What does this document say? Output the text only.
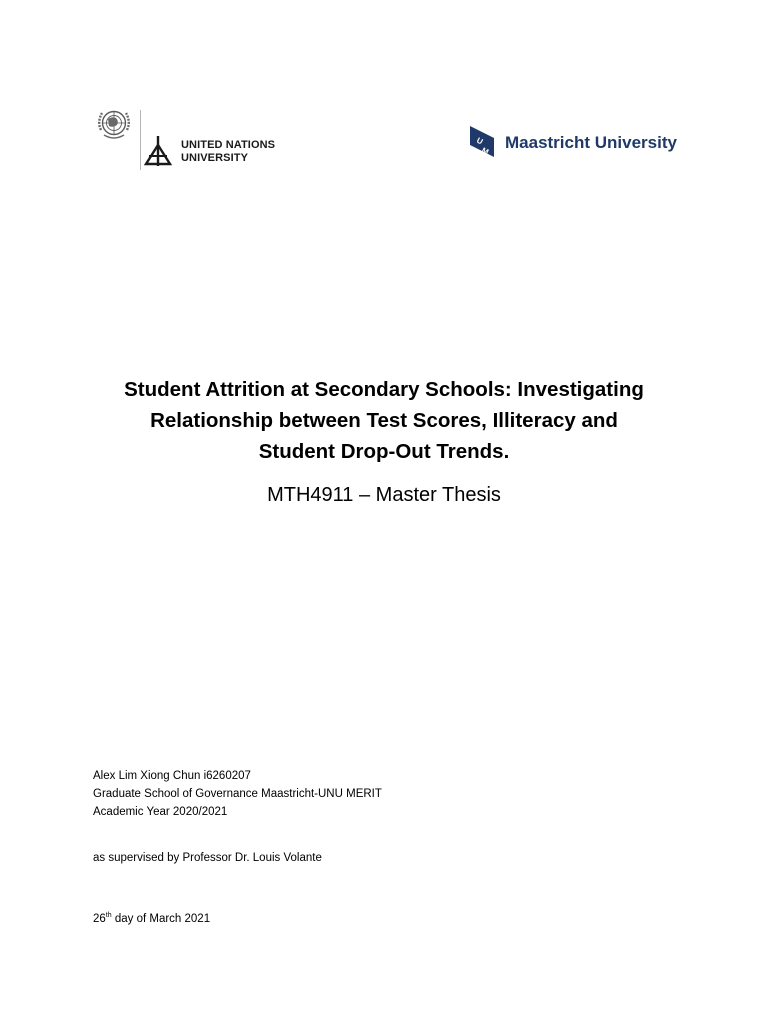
UNITED NATIONS
UNIVERSITY
U
M Maastricht University
Student Attrition at Secondary Schools: Investigating
Relationship between Test Scores, Illiteracy and
Student Drop-Out Trends.

MTH4911 – Master Thesis

Alex Lim Xiong Chun i6260207
Graduate School of Governance Maastricht-UNU MERIT
Academic Year 2020/2021
as supervised by Professor Dr. Louis Volante
26th day of March 2021
